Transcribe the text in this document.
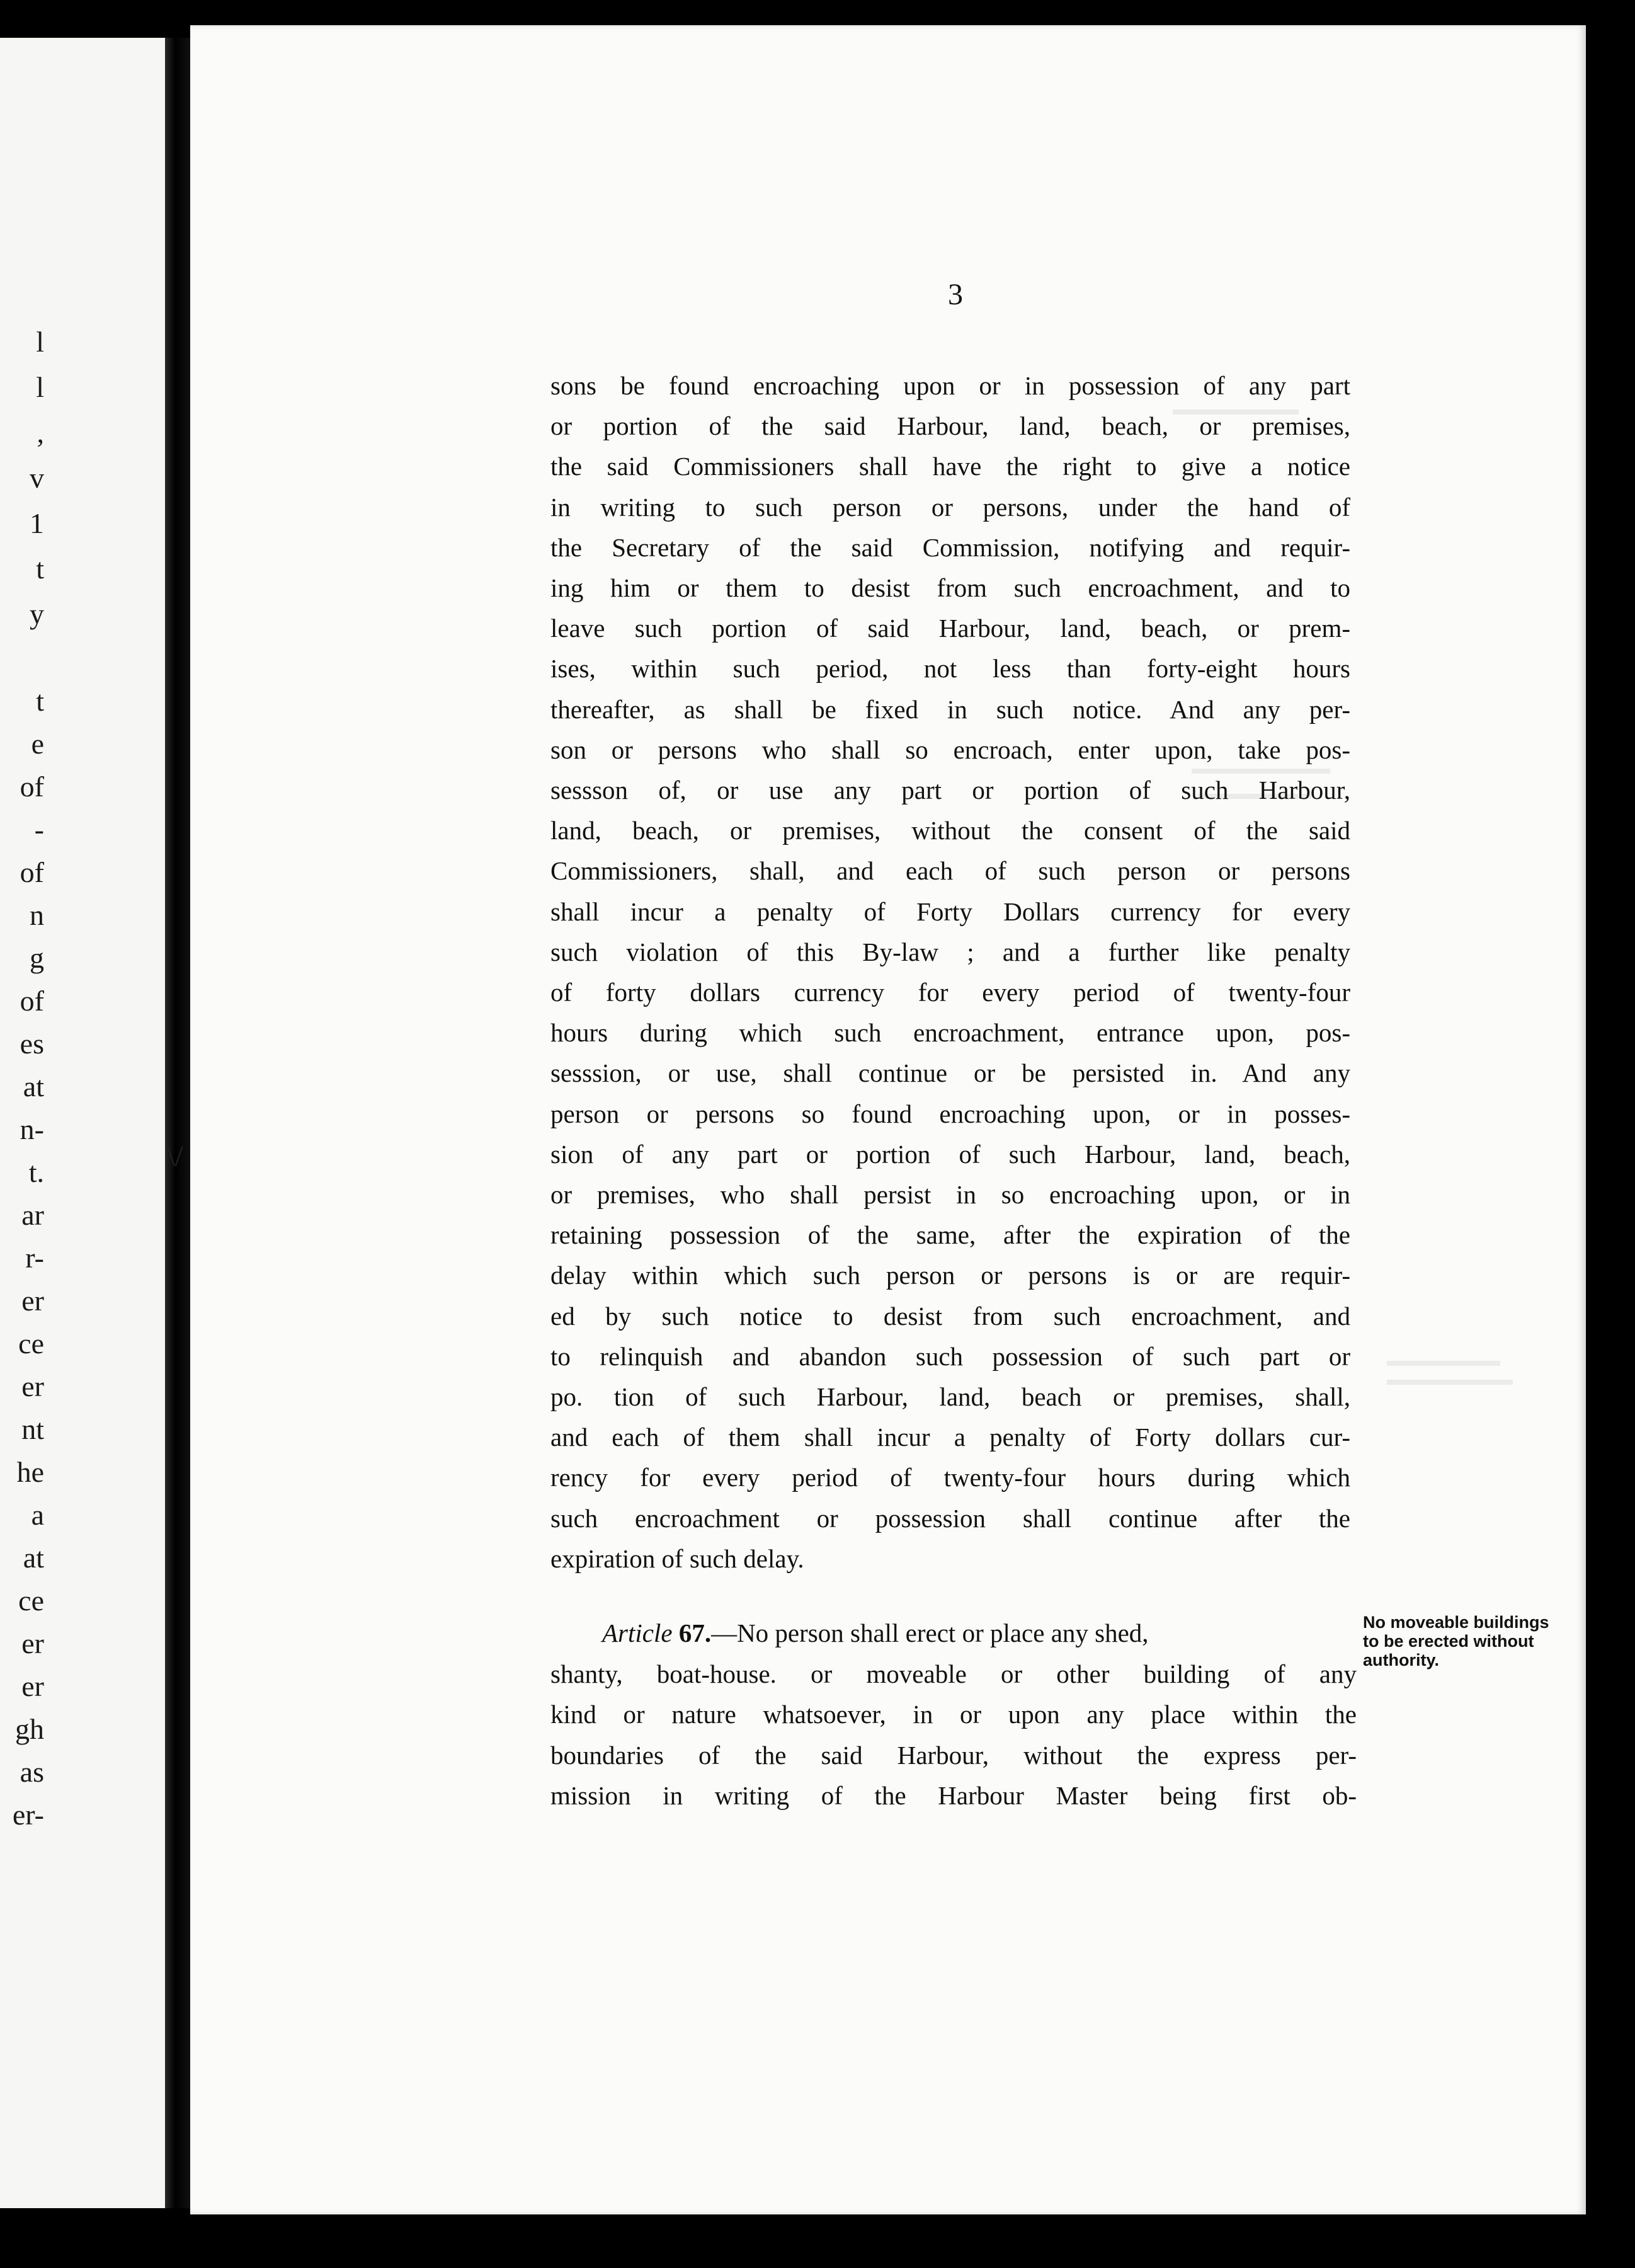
l
l
,
v
1
t
y
t
e
of
-
of
n
g
of
es
at
n-
t.
ar
r-
er
ce
er
nt
he
a
at
ce
er
er
gh
as
er-
\/
3
sons be found encroaching upon or in possession of any part
or portion of the said Harbour, land, beach, or premises,
the said Commissioners shall have the right to give a notice
in writing to such person or persons, under the hand of
the Secretary of the said Commission, notifying and requir-
ing him or them to desist from such encroachment, and to
leave such portion of said Harbour, land, beach, or prem-
ises, within such period, not less than forty-eight hours
thereafter, as shall be fixed in such notice. And any per-
son or persons who shall so encroach, enter upon, take pos-
sessson of, or use any part or portion of such Harbour,
land, beach, or premises, without the consent of the said
Commissioners, shall, and each of such person or persons
shall incur a penalty of Forty Dollars currency for every
such violation of this By-law ; and a further like penalty
of forty dollars currency for every period of twenty-four
hours during which such encroachment, entrance upon, pos-
sesssion, or use, shall continue or be persisted in. And any
person or persons so found encroaching upon, or in posses-
sion of any part or portion of such Harbour, land, beach,
or premises, who shall persist in so encroaching upon, or in
retaining possession of the same, after the expiration of the
delay within which such person or persons is or are requir-
ed by such notice to desist from such encroachment, and
to relinquish and abandon such possession of such part or
po. tion of such Harbour, land, beach or premises, shall,
and each of them shall incur a penalty of Forty dollars cur-
rency for every period of twenty-four hours during which
such encroachment or possession shall continue after the
expiration of such delay.

Article 67.—No person shall erect or place any shed,

shanty, boat-house. or moveable or other building of any
kind or nature whatsoever, in or upon any place within the
boundaries of the said Harbour, without the express per-
mission in writing of the Harbour Master being first ob-
No moveable buildings
to be erected without
authority.
